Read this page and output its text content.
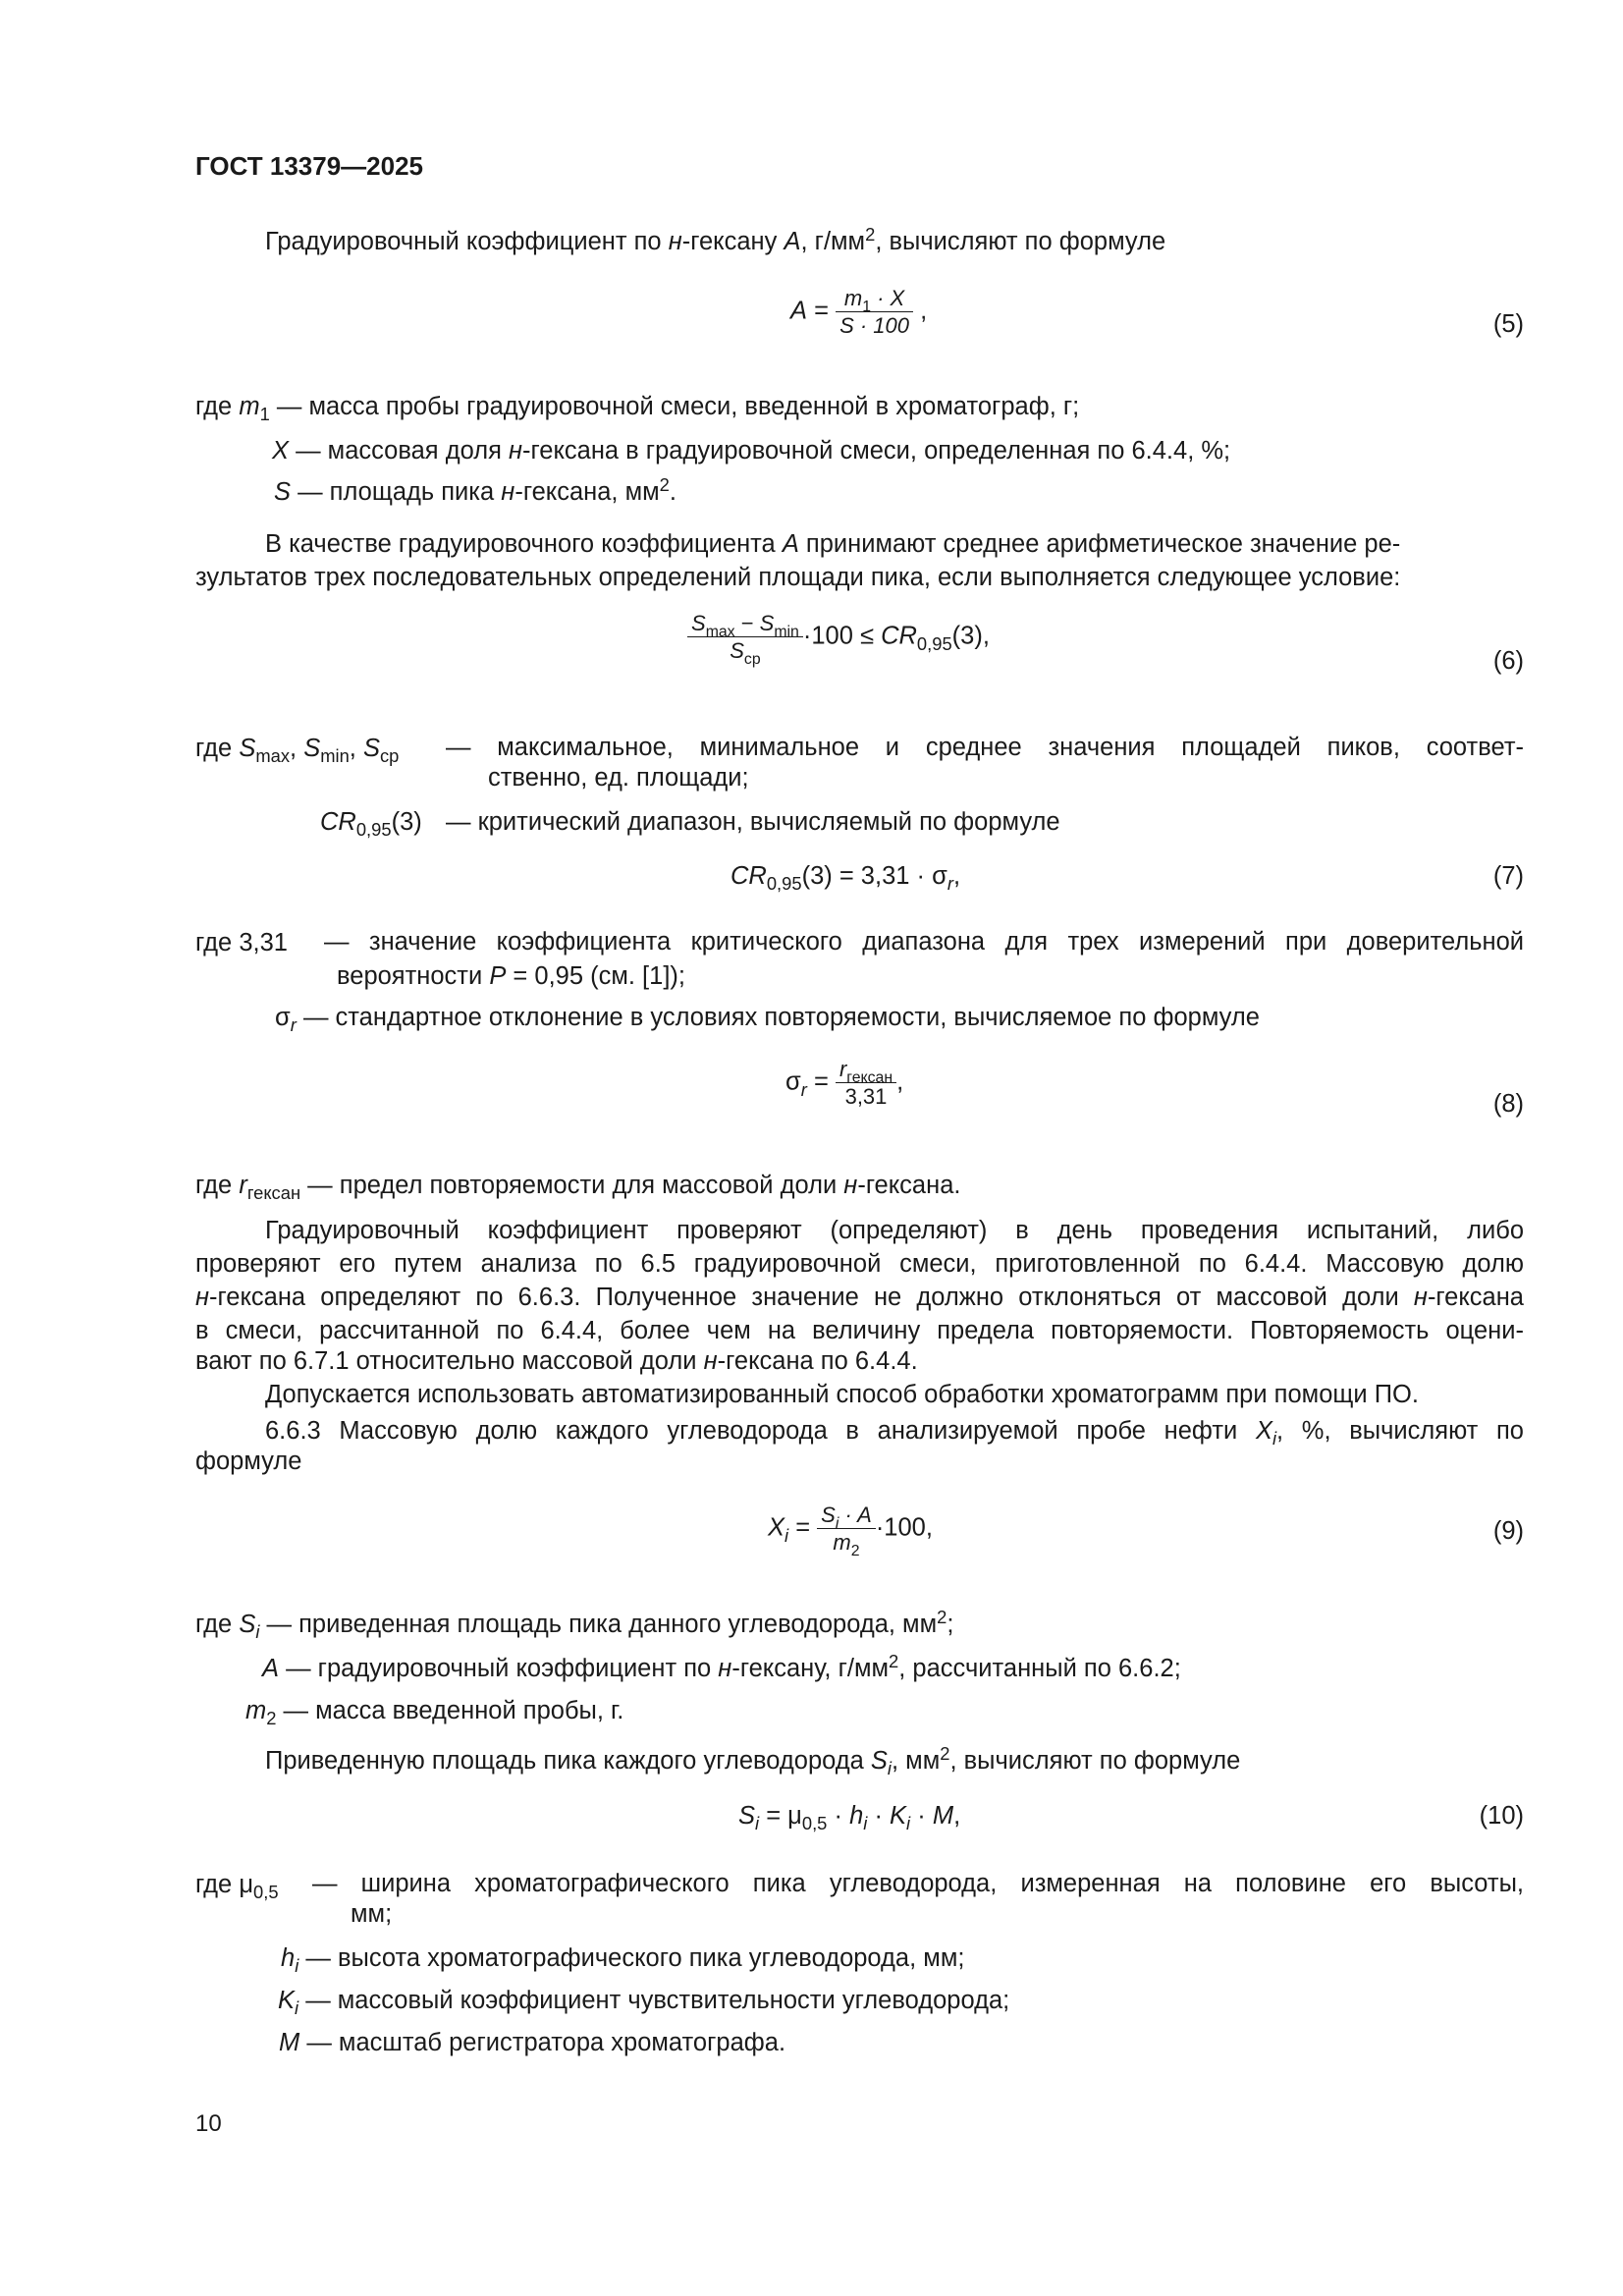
ГОСТ 13379—2025
Градуировочный коэффициент по н-гексану A, $г/мм^2$, вычисляют по формуле
$A = \frac{m_1 \cdot X}{S \cdot 100}$ ,	(5)
где $m_1$ — масса пробы градуировочной смеси, введенной в хроматограф, г;
X — массовая доля н-гексана в градуировочной смеси, определенная по 6.4.4, %;
S — площадь пика н-гексана, $мм^2$.
В качестве градуировочного коэффициента A принимают среднее арифметическое значение ре-
зультатов трех последовательных определений площади пика, если выполняется следующее условие:
$\frac{S_{max} - S_{min}}{S_{ср}} \cdot 100 \le CR_{0,95}(3)$,
(6)
где $S_{max}$, $S_{min}$, $S_{ср}$ — максимальное, минимальное и среднее значения площадей пиков, соответ-
ственно, ед. площади;
$CR_{0,95}(3)$ — критический диапазон, вычисляемый по формуле
$CR_{0,95}(3) = 3,31 \cdot \sigma_r$,	(7)
где 3,31 — значение коэффициента критического диапазона для трех измерений при доверительной
вероятности P = 0,95 (см. [1]);
$\sigma_r$ — стандартное отклонение в условиях повторяемости, вычисляемое по формуле
$\sigma_r = \frac{r_{гексан}}{3,31}$ ,
(8)
где $r_{гексан}$ — предел повторяемости для массовой доли н-гексана.
Градуировочный коэффициент проверяют (определяют) в день проведения испытаний, либо
проверяют его путем анализа по 6.5 градуировочной смеси, приготовленной по 6.4.4. Массовую долю
н-гексана определяют по 6.6.3. Полученное значение не должно отклоняться от массовой доли н-гексана
в смеси, рассчитанной по 6.4.4, более чем на величину предела повторяемости. Повторяемость оцени-
вают по 6.7.1 относительно массовой доли н-гексана по 6.4.4.
Допускается использовать автоматизированный способ обработки хроматограмм при помощи ПО.
6.6.3 Массовую долю каждого углеводорода в анализируемой пробе нефти $X_i$, %, вычисляют по
формуле
$X_i = \frac{S_i \cdot A}{m_2} \cdot 100$,	(9)
где $S_i$ — приведенная площадь пика данного углеводорода, $мм^2$;
A — градуировочный коэффициент по н-гексану, $г/мм^2$, рассчитанный по 6.6.2;
$m_2$ — масса введенной пробы, г.
Приведенную площадь пика каждого углеводорода $S_i$, $мм^2$, вычисляют по формуле
$S_i = \mu_{0,5} \cdot h_i \cdot K_i \cdot M$,	(10)
где $\mu_{0,5}$ — ширина хроматографического пика углеводорода, измеренная на половине его высоты,
мм;
$h_i$ — высота хроматографического пика углеводорода, мм;
$K_i$ — массовый коэффициент чувствительности углеводорода;
M — масштаб регистратора хроматографа.
10
